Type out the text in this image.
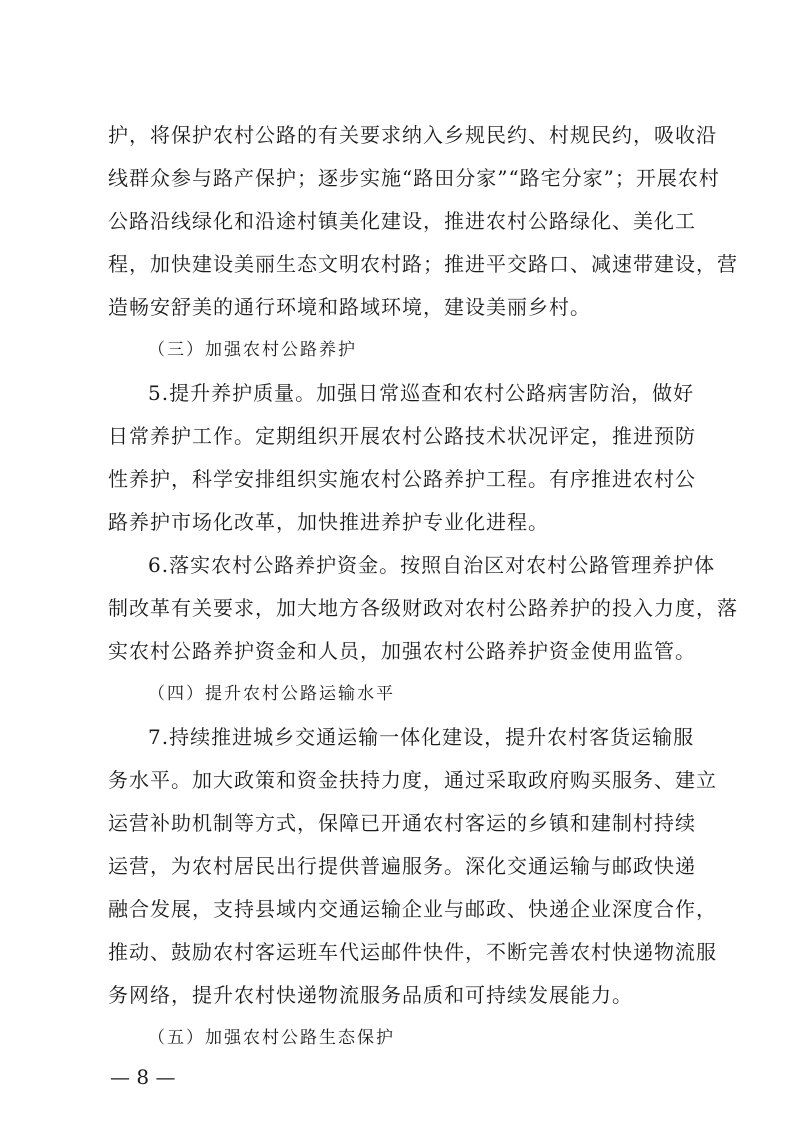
护，将保护农村公路的有关要求纳入乡规民约、村规民约，吸收沿
线群众参与路产保护；逐步实施“路田分家”“路宅分家”；开展农村
公路沿线绿化和沿途村镇美化建设，推进农村公路绿化、美化工
程，加快建设美丽生态文明农村路；推进平交路口、减速带建设，营
造畅安舒美的通行环境和路域环境，建设美丽乡村。
（三）加强农村公路养护
5.提升养护质量。加强日常巡查和农村公路病害防治，做好
日常养护工作。定期组织开展农村公路技术状况评定，推进预防
性养护，科学安排组织实施农村公路养护工程。有序推进农村公
路养护市场化改革，加快推进养护专业化进程。
6.落实农村公路养护资金。按照自治区对农村公路管理养护体
制改革有关要求，加大地方各级财政对农村公路养护的投入力度，落
实农村公路养护资金和人员，加强农村公路养护资金使用监管。
（四）提升农村公路运输水平
7.持续推进城乡交通运输一体化建设，提升农村客货运输服
务水平。加大政策和资金扶持力度，通过采取政府购买服务、建立
运营补助机制等方式，保障已开通农村客运的乡镇和建制村持续
运营，为农村居民出行提供普遍服务。深化交通运输与邮政快递
融合发展，支持县域内交通运输企业与邮政、快递企业深度合作，
推动、鼓励农村客运班车代运邮件快件，不断完善农村快递物流服
务网络，提升农村快递物流服务品质和可持续发展能力。
（五）加强农村公路生态保护
— 8 —
